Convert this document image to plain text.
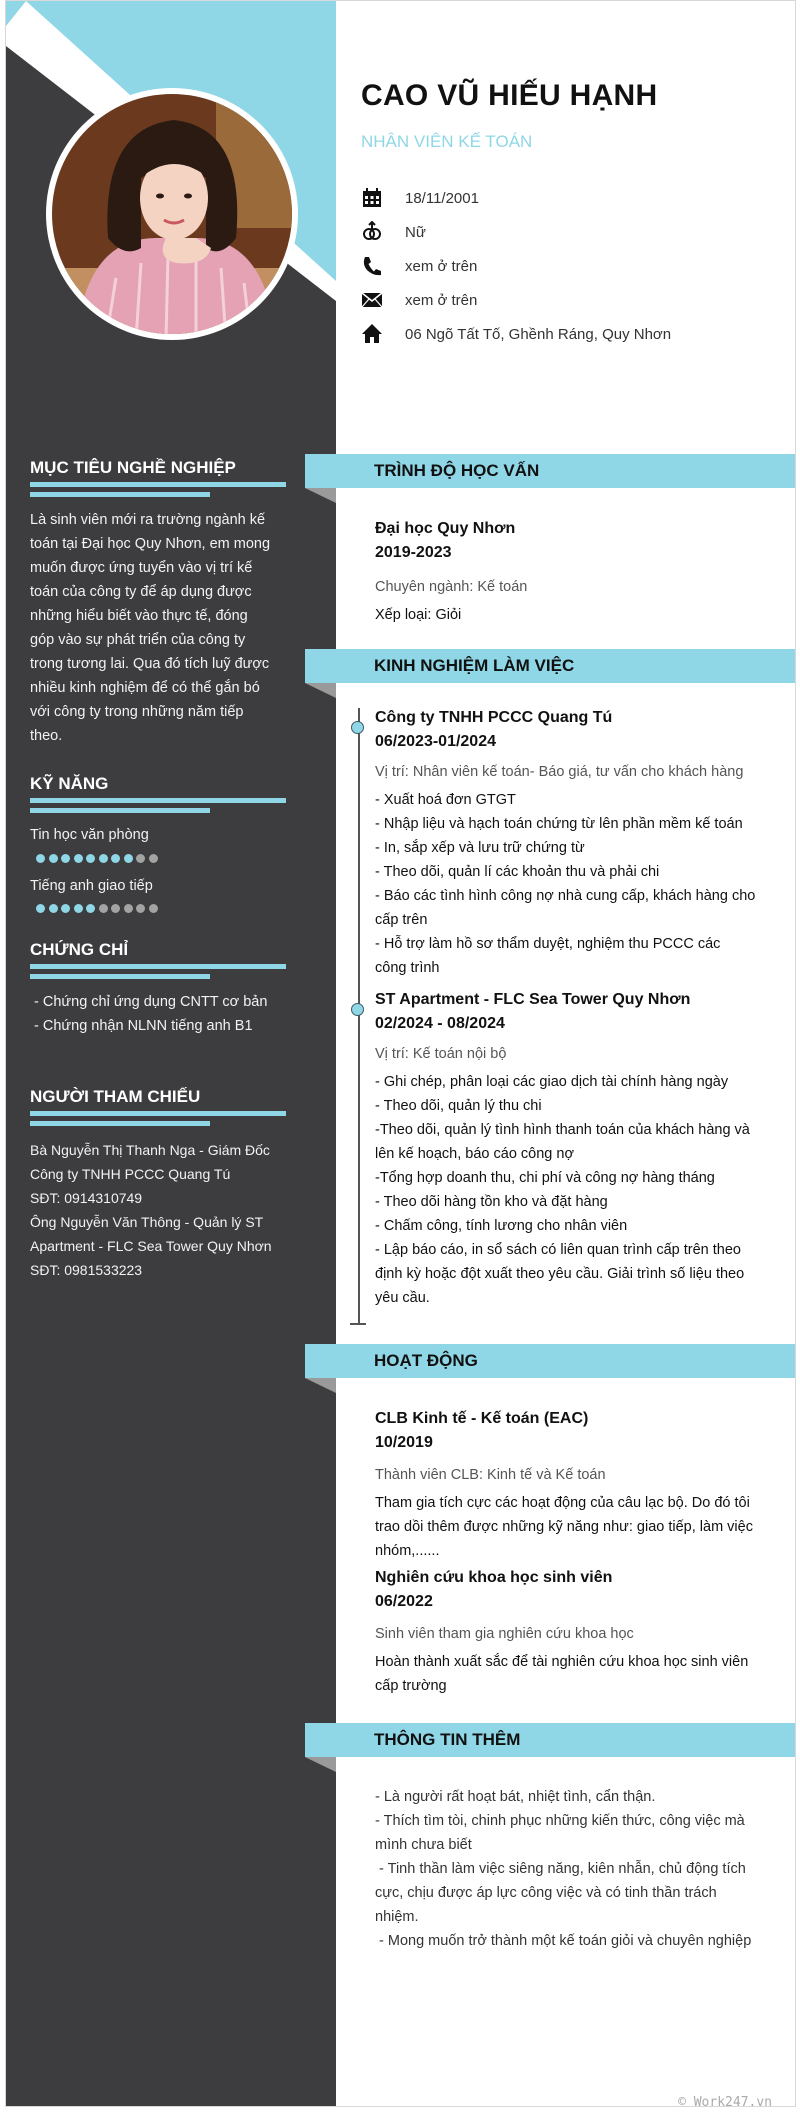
CAO VŨ HIẾU HẠNH
NHÂN VIÊN KẾ TOÁN
18/11/2001
Nữ
xem ở trên
xem ở trên
06 Ngõ Tất Tố, Ghềnh Ráng, Quy Nhơn
MỤC TIÊU NGHỀ NGHIỆP

Là sinh viên mới ra trường ngành kế

toán tại Đại học Quy Nhơn, em mong

muốn được ứng tuyển vào vị trí kế

toán của công ty để áp dụng được

những hiểu biết vào thực tế, đóng

góp vào sự phát triển của công ty

trong tương lai. Qua đó tích luỹ được

nhiều kinh nghiệm để có thể gắn bó

với công ty trong những năm tiếp

theo.

KỸ NĂNG
Tin học văn phòng
Tiếng anh giao tiếp
CHỨNG CHỈ

- Chứng chỉ ứng dụng CNTT cơ bản

- Chứng nhận NLNN tiếng anh B1

NGƯỜI THAM CHIẾU

Bà Nguyễn Thị Thanh Nga - Giám Đốc

Công ty TNHH PCCC Quang Tú

SĐT: 0914310749

Ông Nguyễn Văn Thông - Quản lý ST

Apartment - FLC Sea Tower Quy Nhơn

SĐT: 0981533223

TRÌNH ĐỘ HỌC VẤN

Đại học Quy Nhơn

2019-2023

Chuyên ngành: Kế toán

Xếp loại: Giỏi

KINH NGHIỆM LÀM VIỆC

Công ty TNHH PCCC Quang Tú

06/2023-01/2024

Vị trí: Nhân viên kế toán- Báo giá, tư vấn cho khách hàng

- Xuất hoá đơn GTGT

- Nhập liệu và hạch toán chứng từ lên phần mềm kế toán

- In, sắp xếp và lưu trữ chứng từ

- Theo dõi, quản lí các khoản thu và phải chi

- Báo các tình hình công nợ nhà cung cấp, khách hàng cho

cấp trên

- Hỗ trợ làm hồ sơ thẩm duyệt, nghiệm thu PCCC các

công trình

ST Apartment - FLC Sea Tower Quy Nhơn

02/2024 - 08/2024

Vị trí: Kế toán nội bộ

- Ghi chép, phân loại các giao dịch tài chính hàng ngày

- Theo dõi, quản lý thu chi

-Theo dõi, quản lý tình hình thanh toán của khách hàng và

lên kế hoạch, báo cáo công nợ

-Tổng hợp doanh thu, chi phí và công nợ hàng tháng

- Theo dõi hàng tồn kho và đặt hàng

- Chấm công, tính lương cho nhân viên

- Lập báo cáo, in sổ sách có liên quan trình cấp trên theo

định kỳ hoặc đột xuất theo yêu cầu. Giải trình số liệu theo

yêu cầu.

HOẠT ĐỘNG

CLB Kinh tế - Kế toán (EAC)

10/2019

Thành viên CLB: Kinh tế và Kế toán

Tham gia tích cực các hoạt động của câu lạc bộ. Do đó tôi

trao dồi thêm được những kỹ năng như: giao tiếp, làm việc

nhóm,......

Nghiên cứu khoa học sinh viên

06/2022

Sinh viên tham gia nghiên cứu khoa học

Hoàn thành xuất sắc để tài nghiên cứu khoa học sinh viên

cấp trường

THÔNG TIN THÊM

- Là người rất hoạt bát, nhiệt tình, cẩn thận.

- Thích tìm tòi, chinh phục những kiến thức, công việc mà

mình chưa biết

- Tinh thần làm việc siêng năng, kiên nhẫn, chủ động tích

cực, chịu được áp lực công việc và có tinh thần trách

nhiệm.

- Mong muốn trở thành một kế toán giỏi và chuyên nghiệp

© Work247.vn
